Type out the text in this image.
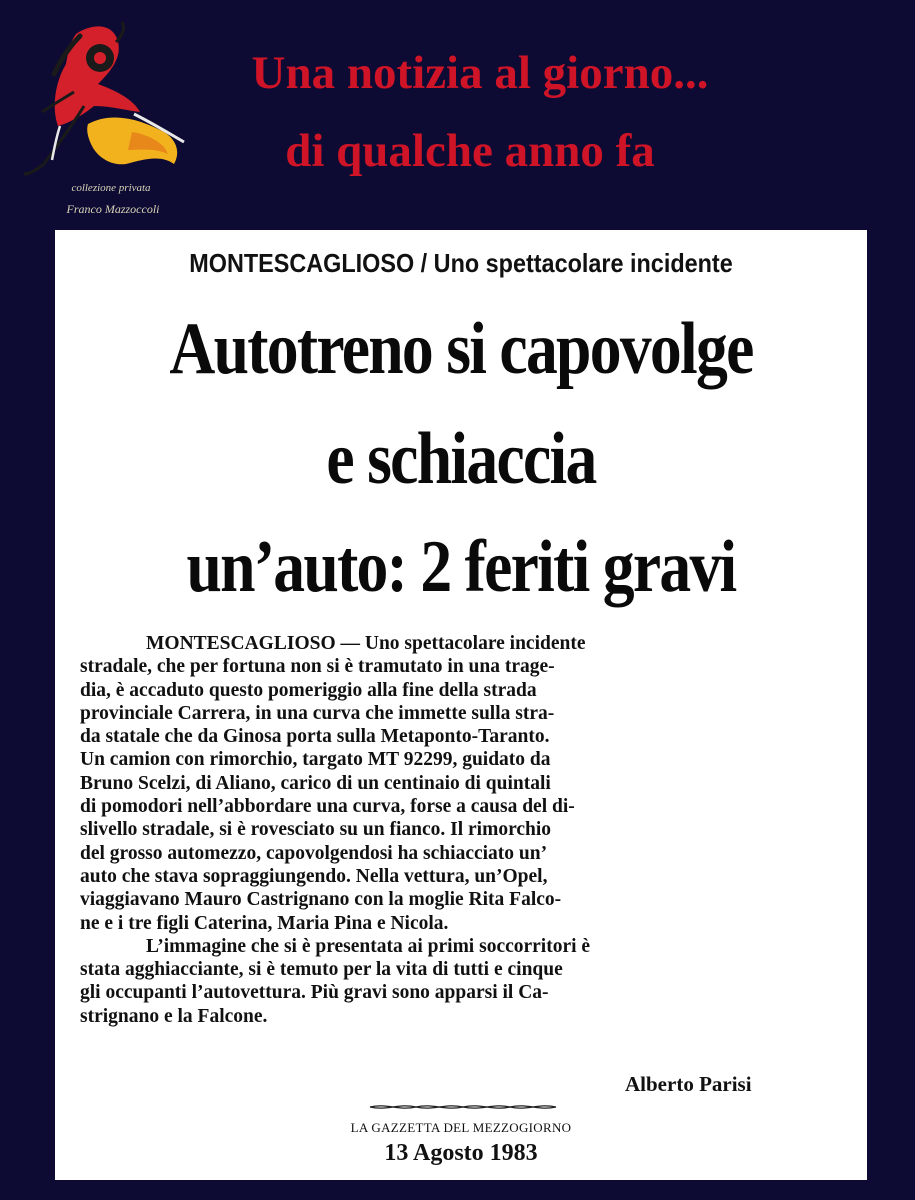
collezione privata
Franco Mazzoccoli
Una notizia al giorno...
di qualche anno fa
MONTESCAGLIOSO / Uno spettacolare incidente
Autotreno si capovolge
e schiaccia
un’auto: 2 feriti gravi
MONTESCAGLIOSO — Uno spettacolare incidente
stradale, che per fortuna non si è tramutato in una trage-
dia, è accaduto questo pomeriggio alla fine della strada
provinciale Carrera, in una curva che immette sulla stra-
da statale che da Ginosa porta sulla Metaponto-Taranto.
Un camion con rimorchio, targato MT 92299, guidato da
Bruno Scelzi, di Aliano, carico di un centinaio di quintali
di pomodori nell’abbordare una curva, forse a causa del di-
slivello stradale, si è rovesciato su un fianco. Il rimorchio
del grosso automezzo, capovolgendosi ha schiacciato un’
auto che stava sopraggiungendo. Nella vettura, un’Opel,
viaggiavano Mauro Castrignano con la moglie Rita Falco-
ne e i tre figli Caterina, Maria Pina e Nicola.
L’immagine che si è presentata ai primi soccorritori è
stata agghiacciante, si è temuto per la vita di tutti e cinque
gli occupanti l’autovettura. Più gravi sono apparsi il Ca-
strignano e la Falcone.
Alberto Parisi
LA GAZZETTA DEL MEZZOGIORNO
13 Agosto 1983
